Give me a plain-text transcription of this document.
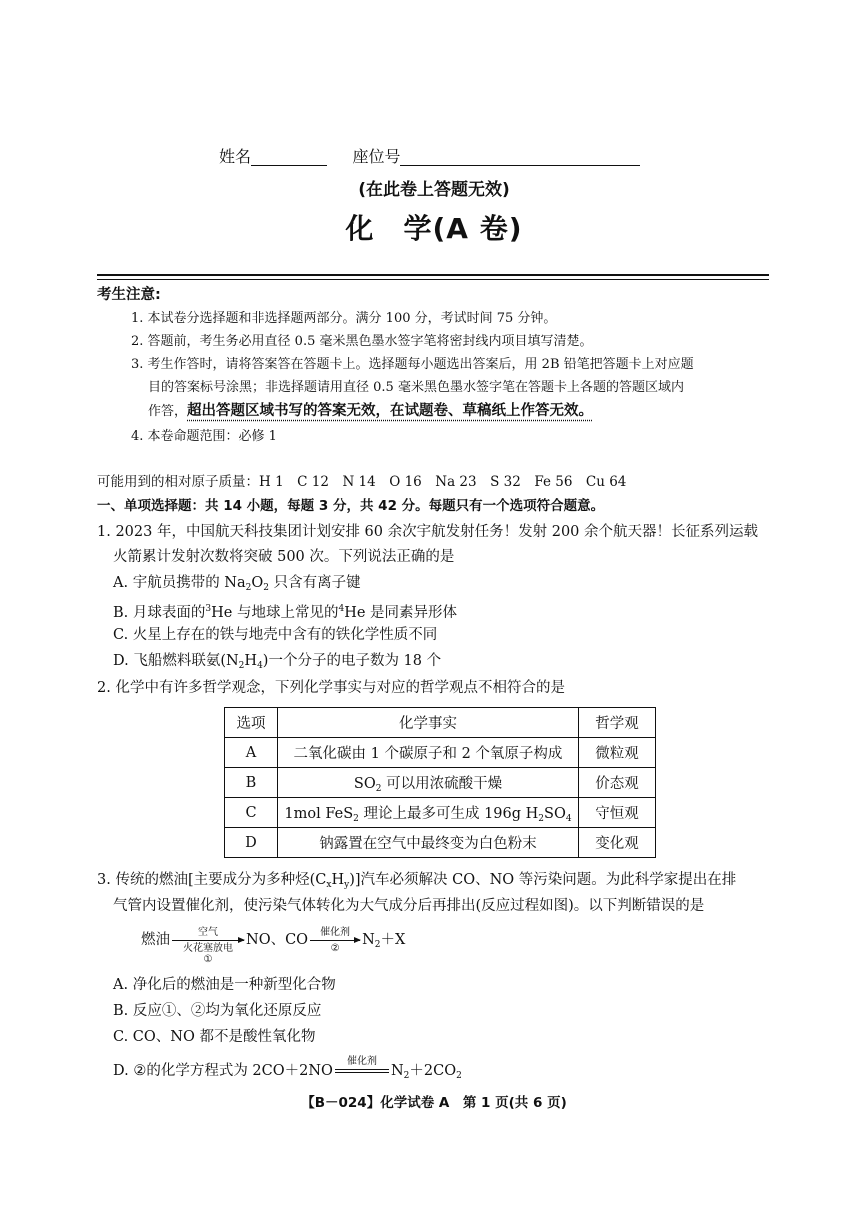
姓名	座位号
(在此卷上答题无效)
化　学(A 卷)
考生注意:
1. 本试卷分选择题和非选择题两部分。满分 100 分，考试时间 75 分钟。
2. 答题前，考生务必用直径 0.5 毫米黑色墨水签字笔将密封线内项目填写清楚。
3. 考生作答时，请将答案答在答题卡上。选择题每小题选出答案后，用 2B 铅笔把答题卡上对应题
目的答案标号涂黑；非选择题请用直径 0.5 毫米黑色墨水签字笔在答题卡上各题的答题区域内
作答，超出答题区域书写的答案无效，在试题卷、草稿纸上作答无效。
4. 本卷命题范围：必修 1
可能用到的相对原子质量：H 1　C 12　N 14　O 16　Na 23　S 32　Fe 56　Cu 64
一、单项选择题：共 14 小题，每题 3 分，共 42 分。每题只有一个选项符合题意。
1. 2023 年，中国航天科技集团计划安排 60 余次宇航发射任务！发射 200 余个航天器！长征系列运载
火箭累计发射次数将突破 500 次。下列说法正确的是
A. 宇航员携带的 $Na_2O_2$ 只含有离子键
B. 月球表面的$^3$He 与地球上常见的$^4$He 是同素异形体
C. 火星上存在的铁与地壳中含有的铁化学性质不同
D. 飞船燃料联氨$(N_2H_4)$一个分子的电子数为 18 个
2. 化学中有许多哲学观念，下列化学事实与对应的哲学观点不相符合的是
选项	化学事实	哲学观
A	二氧化碳由 1 个碳原子和 2 个氧原子构成	微粒观
B	$SO_2$ 可以用浓硫酸干燥	价态观
C	1mol FeS$_2$ 理论上最多可生成 196g $H_2SO_4$	守恒观
D	钠露置在空气中最终变为白色粉末	变化观
3. 传统的燃油[主要成分为多种烃$(C_xH_y)$]汽车必须解决 CO、NO 等污染问题。为此科学家提出在排
气管内设置催化剂，使污染气体转化为大气成分后再排出(反应过程如图)。以下判断错误的是
燃油	空气
火花塞放电
①
NO、CO	催化剂
②	$N_2+X$
A. 净化后的燃油是一种新型化合物
B. 反应①、②均为氧化还原反应
C. CO、NO 都不是酸性氧化物
D. ②的化学方程式为 2CO＋2NO
催化剂
$N_2+2CO_2$
【B－024】化学试卷 A　第 1 页(共 6 页)
